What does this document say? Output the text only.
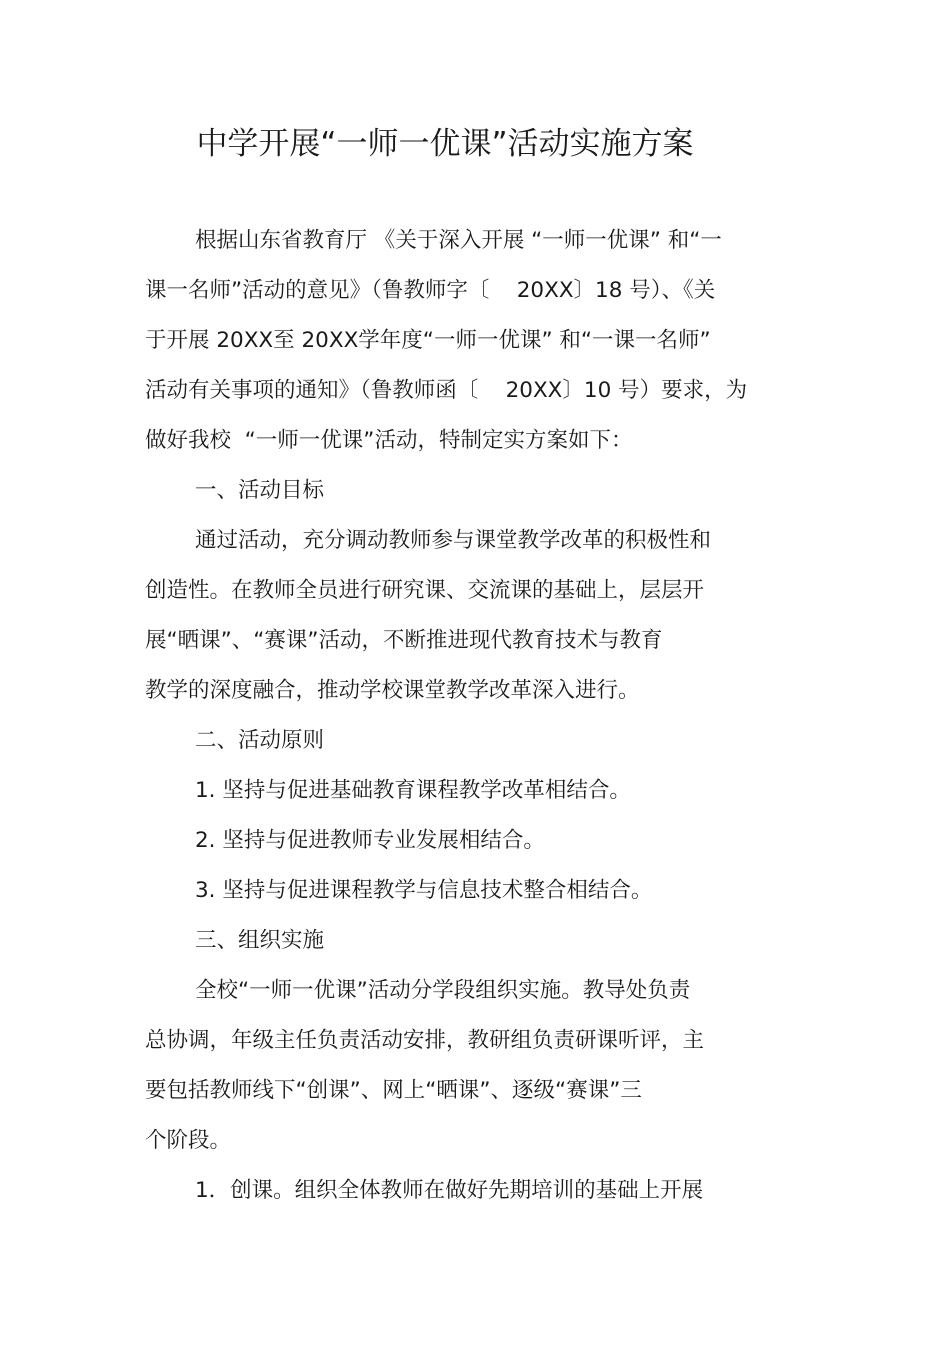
中学开展“一师一优课”活动实施方案
根据山东省教育厅 《关于深入开展 “一师一优课” 和“一
课一名师”活动的意见》（鲁教师字〔    20XX〕18 号）、《关
于开展 20XX至 20XX学年度“一师一优课” 和“一课一名师”
活动有关事项的通知》（鲁教师函〔    20XX〕10 号）要求，为
做好我校  “一师一优课”活动，特制定实方案如下：
一、活动目标
通过活动，充分调动教师参与课堂教学改革的积极性和
创造性。在教师全员进行研究课、交流课的基础上，层层开
展“晒课”、“赛课”活动，不断推进现代教育技术与教育
教学的深度融合，推动学校课堂教学改革深入进行。
二、活动原则
1. 坚持与促进基础教育课程教学改革相结合。
2. 坚持与促进教师专业发展相结合。
3. 坚持与促进课程教学与信息技术整合相结合。
三、组织实施
全校“一师一优课”活动分学段组织实施。教导处负责
总协调，年级主任负责活动安排，教研组负责研课听评，主
要包括教师线下“创课”、网上“晒课”、逐级“赛课”三
个阶段。
1．创课。组织全体教师在做好先期培训的基础上开展
